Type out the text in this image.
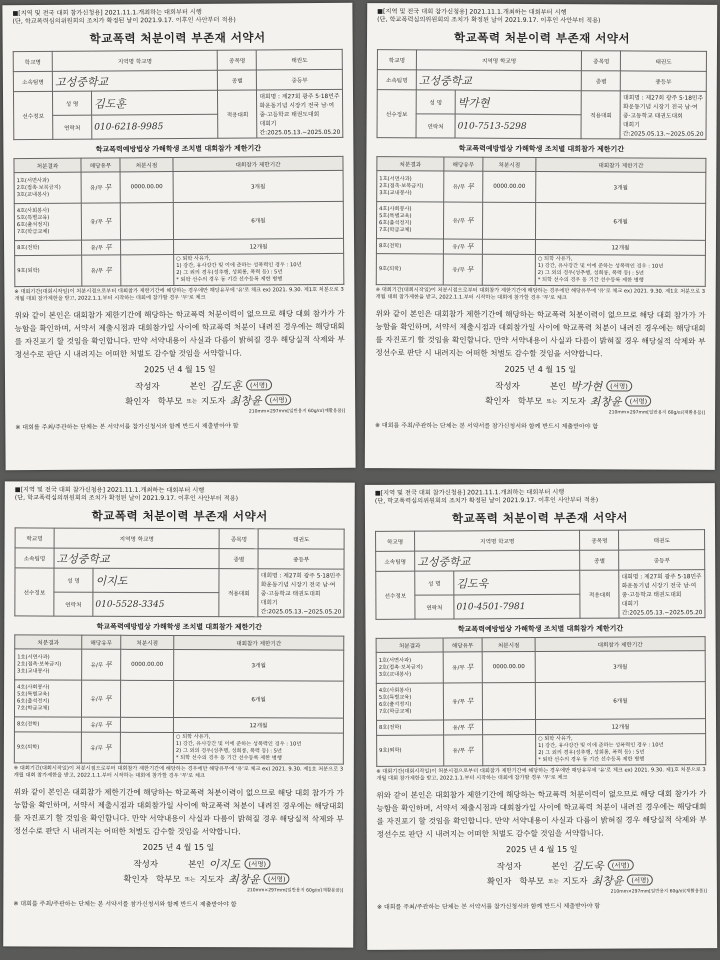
■[지역 및 전국 대회 참가신청용] 2021.11.1.개최하는 대회부터 시행
(단, 학교폭력심의위원회의 조치가 확정된 날이 2021.9.17. 이후인 사안부터 적용)
학교폭력 처분이력 부존재 서약서
학교명	지역명 학교명		종목명	태권도
소속팀명	고성중학교		종별	중등부
선수정보	성 명	김도훈	적용대회	대회명 : 제27회 광주 5·18민주화운동기념 시장기 전국 남·여 중·고등학교 태권도대회
대회기간:2025.05.13.~2025.05.20

	연락처	010-6218-9985		
학교폭력예방법상 가해학생 조치별 대회참가 제한기간
처분결과	해당유무	처분시점	대회참가 제한기간

1호(서면사과)
2호(접촉·보복금지)
3호(교내봉사)	유/무 무	0000.00.00	3개월

4호(사회봉사)
5호(특별교육)
6호(출석정지)
7호(학급교체)	유/무 무		6개월
8호(전학)	유/무 무		12개월
9호(퇴학)	유/무 무		○ 퇴학 사유가,
1) 강간, 유사강간 및 이에 준하는 성폭력인 경우 : 10년
2) 그 외의 경우(성추행, 성희롱, 폭력 등) : 5년
* 퇴학 선수의 경우 동 기간 선수등록 제한 병행
※ 대회기간(대회시작일)이 처분시점으로부터 대회참가 제한기간에 해당하는 경우에만 해당유무에 '유'로 체크 ex) 2021. 9.30. 제1호 처분으로 3개월 대회 참가제한을 받고, 2022.1.1.부터 시작하는 대회에 참가할 경우 '무'로 체크
위와 같이 본인은 대회참가 제한기간에 해당하는 학교폭력 처분이력이 없으므로 해당 대회 참가가 가능함을 확인하며, 서약서 제출시점과 대회참가일 사이에 학교폭력 처분이 내려진 경우에는 해당대회를 자진포기 할 것임을 확인합니다. 만약 서약내용이 사실과 다름이 밝혀질 경우 해당실적 삭제와 부정선수로 판단 시 내려지는 어떠한 처벌도 감수할 것임을 서약합니다.
2025 년 4 월 15 일
작성자	본인 김도훈	(서명)
확인자 학부모 또는 지도자 최창윤	(서명)
210mm×297mm[일반용지 60g/㎡(재활용품)]
※ 대회를 주최/주관하는 단체는 본 서약서를 참가신청서와 함께 반드시 제출받아야 함
■[지역 및 전국 대회 참가신청용] 2021.11.1.개최하는 대회부터 시행
(단, 학교폭력심의위원회의 조치가 확정된 날이 2021.9.17. 이후인 사안부터 적용)
학교폭력 처분이력 부존재 서약서
학교명	지역명 학교명		종목명	태권도
소속팀명	고성중학교		종별	중등부
선수정보	성 명	박가현	적용대회	대회명 : 제27회 광주 5·18민주화운동기념 시장기 전국 남·여 중·고등학교 태권도대회
대회기간:2025.05.13.~2025.05.20

	연락처	010-7513-5298		
학교폭력예방법상 가해학생 조치별 대회참가 제한기간
처분결과	해당유무	처분시점	대회참가 제한기간

1호(서면사과)
2호(접촉·보복금지)
3호(교내봉사)	유/무 무	0000.00.00	3개월

4호(사회봉사)
5호(특별교육)
6호(출석정지)
7호(학급교체)	유/무 무		6개월
8호(전학)	유/무 무		12개월
9호(퇴학)	유/무 무		○ 퇴학 사유가,
1) 강간, 유사강간 및 이에 준하는 성폭력인 경우 : 10년
2) 그 외의 경우(성추행, 성희롱, 폭력 등) : 5년
* 퇴학 선수의 경우 동 기간 선수등록 제한 병행
※ 대회기간(대회시작일)이 처분시점으로부터 대회참가 제한기간에 해당하는 경우에만 해당유무에 '유'로 체크 ex) 2021. 9.30. 제1호 처분으로 3개월 대회 참가제한을 받고, 2022.1.1.부터 시작하는 대회에 참가할 경우 '무'로 체크
위와 같이 본인은 대회참가 제한기간에 해당하는 학교폭력 처분이력이 없으므로 해당 대회 참가가 가능함을 확인하며, 서약서 제출시점과 대회참가일 사이에 학교폭력 처분이 내려진 경우에는 해당대회를 자진포기 할 것임을 확인합니다. 만약 서약내용이 사실과 다름이 밝혀질 경우 해당실적 삭제와 부정선수로 판단 시 내려지는 어떠한 처벌도 감수할 것임을 서약합니다.
2025 년 4 월 15 일
작성자	본인 박가현	(서명)
확인자 학부모 또는 지도자 최창윤	(서명)
210mm×297mm[일반용지 60g/㎡(재활용품)]
※ 대회를 주최/주관하는 단체는 본 서약서를 참가신청서와 함께 반드시 제출받아야 함
■[지역 및 전국 대회 참가신청용] 2021.11.1.개최하는 대회부터 시행
(단, 학교폭력심의위원회의 조치가 확정된 날이 2021.9.17. 이후인 사안부터 적용)
학교폭력 처분이력 부존재 서약서
학교명	지역명 학교명		종목명	태권도
소속팀명	고성중학교		종별	중등부
선수정보	성 명	이지도	적용대회	대회명 : 제27회 광주 5·18민주화운동기념 시장기 전국 남·여 중·고등학교 태권도대회
대회기간:2025.05.13.~2025.05.20

	연락처	010-5528-3345		
학교폭력예방법상 가해학생 조치별 대회참가 제한기간
처분결과	해당유무	처분시점	대회참가 제한기간

1호(서면사과)
2호(접촉·보복금지)
3호(교내봉사)	유/무 무	0000.00.00	3개월

4호(사회봉사)
5호(특별교육)
6호(출석정지)
7호(학급교체)	유/무 무		6개월
8호(전학)	유/무 무		12개월
9호(퇴학)	유/무 무		○ 퇴학 사유가,
1) 강간, 유사강간 및 이에 준하는 성폭력인 경우 : 10년
2) 그 외의 경우(성추행, 성희롱, 폭력 등) : 5년
* 퇴학 선수의 경우 동 기간 선수등록 제한 병행
※ 대회기간(대회시작일)이 처분시점으로부터 대회참가 제한기간에 해당하는 경우에만 해당유무에 '유'로 체크 ex) 2021. 9.30. 제1호 처분으로 3개월 대회 참가제한을 받고, 2022.1.1.부터 시작하는 대회에 참가할 경우 '무'로 체크
위와 같이 본인은 대회참가 제한기간에 해당하는 학교폭력 처분이력이 없으므로 해당 대회 참가가 가능함을 확인하며, 서약서 제출시점과 대회참가일 사이에 학교폭력 처분이 내려진 경우에는 해당대회를 자진포기 할 것임을 확인합니다. 만약 서약내용이 사실과 다름이 밝혀질 경우 해당실적 삭제와 부정선수로 판단 시 내려지는 어떠한 처벌도 감수할 것임을 서약합니다.
2025 년 4 월 15 일
작성자	본인 이지도	(서명)
확인자 학부모 또는 지도자 최창윤	(서명)
210mm×297mm[일반용지 60g/㎡(재활용품)]
※ 대회를 주최/주관하는 단체는 본 서약서를 참가신청서와 함께 반드시 제출받아야 함
■[지역 및 전국 대회 참가신청용] 2021.11.1.개최하는 대회부터 시행
(단, 학교폭력심의위원회의 조치가 확정된 날이 2021.9.17. 이후인 사안부터 적용)
학교폭력 처분이력 부존재 서약서
학교명	지역명 학교명		종목명	태권도
소속팀명	고성중학교		종별	중등부
선수정보	성 명	김도욱	적용대회	대회명 : 제27회 광주 5·18민주화운동기념 시장기 전국 남·여 중·고등학교 태권도대회
대회기간:2025.05.13.~2025.05.20

	연락처	010-4501-7981		
학교폭력예방법상 가해학생 조치별 대회참가 제한기간
처분결과	해당유무	처분시점	대회참가 제한기간

1호(서면사과)
2호(접촉·보복금지)
3호(교내봉사)	유/무 무	0000.00.00	3개월

4호(사회봉사)
5호(특별교육)
6호(출석정지)
7호(학급교체)	유/무 무		6개월
8호(전학)	유/무 무		12개월
9호(퇴학)	유/무 무		○ 퇴학 사유가,
1) 강간, 유사강간 및 이에 준하는 성폭력인 경우 : 10년
2) 그 외의 경우(성추행, 성희롱, 폭력 등) : 5년
* 퇴학 선수의 경우 동 기간 선수등록 제한 병행
※ 대회기간(대회시작일)이 처분시점으로부터 대회참가 제한기간에 해당하는 경우에만 해당유무에 '유'로 체크 ex) 2021. 9.30. 제1호 처분으로 3개월 대회 참가제한을 받고, 2022.1.1.부터 시작하는 대회에 참가할 경우 '무'로 체크
위와 같이 본인은 대회참가 제한기간에 해당하는 학교폭력 처분이력이 없으므로 해당 대회 참가가 가능함을 확인하며, 서약서 제출시점과 대회참가일 사이에 학교폭력 처분이 내려진 경우에는 해당대회를 자진포기 할 것임을 확인합니다. 만약 서약내용이 사실과 다름이 밝혀질 경우 해당실적 삭제와 부정선수로 판단 시 내려지는 어떠한 처벌도 감수할 것임을 서약합니다.
2025 년 4 월 15 일
작성자	본인 김도욱	(서명)
확인자 학부모 또는 지도자 최창윤	(서명)
210mm×297mm[일반용지 60g/㎡(재활용품)]
※ 대회를 주최/주관하는 단체는 본 서약서를 참가신청서와 함께 반드시 제출받아야 함
